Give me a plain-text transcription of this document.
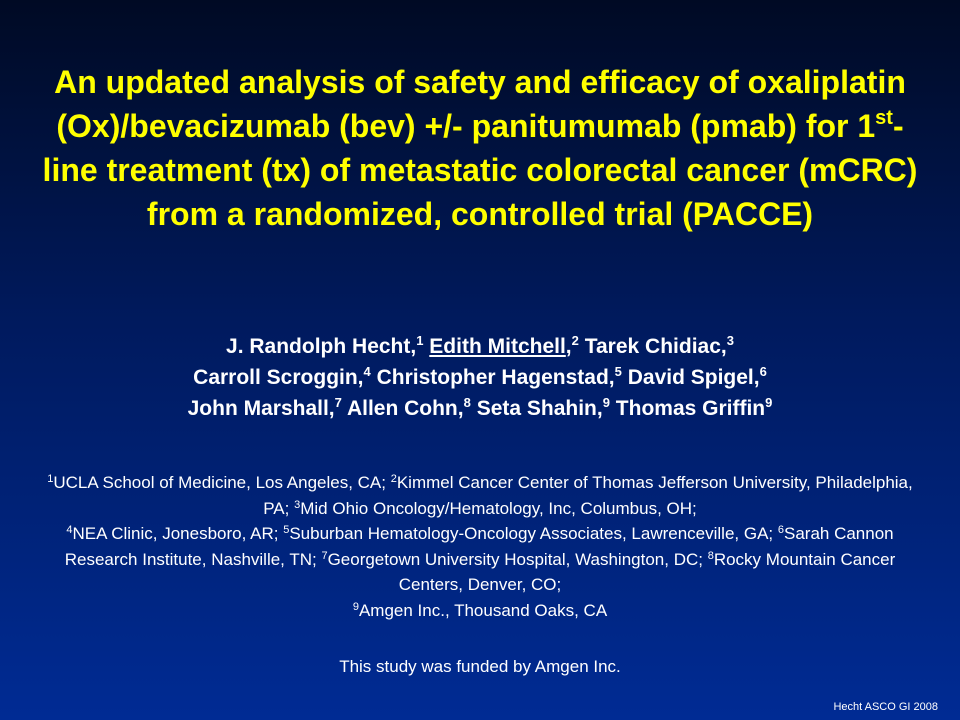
An updated analysis of safety and efficacy of oxaliplatin (Ox)/bevacizumab (bev) +/- panitumumab (pmab) for 1st-line treatment (tx) of metastatic colorectal cancer (mCRC) from a randomized, controlled trial (PACCE)
J. Randolph Hecht,$^1$ Edith Mitchell,$^2$ Tarek Chidiac,$^3$
Carroll Scroggin,$^4$ Christopher Hagenstad,$^5$ David Spigel,$^6$
John Marshall,$^7$ Allen Cohn,$^8$ Seta Shahin,$^9$ Thomas Griffin$^9$
$^1$UCLA School of Medicine, Los Angeles, CA; $^2$Kimmel Cancer Center of Thomas Jefferson University, Philadelphia, PA; $^3$Mid Ohio Oncology/Hematology, Inc, Columbus, OH;
$^4$NEA Clinic, Jonesboro, AR; $^5$Suburban Hematology-Oncology Associates, Lawrenceville, GA; $^6$Sarah Cannon Research Institute, Nashville, TN; $^7$Georgetown University Hospital, Washington, DC; $^8$Rocky Mountain Cancer Centers, Denver, CO;
$^9$Amgen Inc., Thousand Oaks, CA
This study was funded by Amgen Inc.
Hecht ASCO GI 2008
